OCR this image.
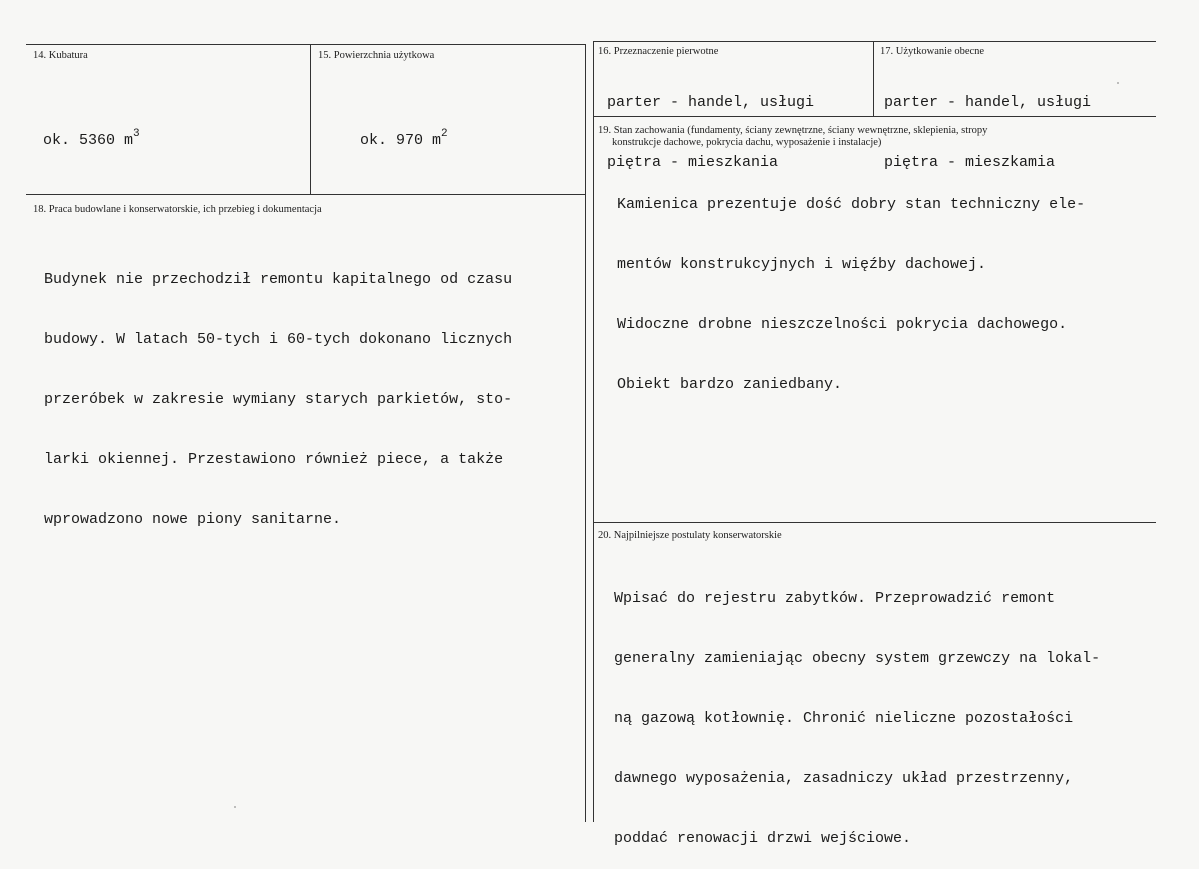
14. Kubatura
ok. 5360 $m^3$
15. Powierzchnia użytkowa
ok. 970 $m^2$
16. Przeznaczenie pierwotne

parter - handel, usługi

piętra - mieszkania

17. Użytkowanie obecne

parter - handel, usługi

piętra - mieszkamia

18. Praca budowlane i konserwatorskie, ich przebieg i dokumentacja

Budynek nie przechodził remontu kapitalnego od czasu

budowy. W latach 50-tych i 60-tych dokonano licznych

przeróbek w zakresie wymiany starych parkietów, sto-

larki okiennej. Przestawiono również piece, a także

wprowadzono nowe piony sanitarne.

19. Stan zachowania (fundamenty, ściany zewnętrzne, ściany wewnętrzne, sklepienia, stropy
konstrukcje dachowe, pokrycia dachu, wyposażenie i instalacje)

Kamienica prezentuje dość dobry stan techniczny ele-

mentów konstrukcyjnych i więźby dachowej.

Widoczne drobne nieszczelności pokrycia dachowego.

Obiekt bardzo zaniedbany.

20. Najpilniejsze postulaty konserwatorskie

Wpisać do rejestru zabytków. Przeprowadzić remont

generalny zamieniając obecny system grzewczy na lokal-

ną gazową kotłownię. Chronić nieliczne pozostałości

dawnego wyposażenia, zasadniczy układ przestrzenny,

poddać renowacji drzwi wejściowe.
